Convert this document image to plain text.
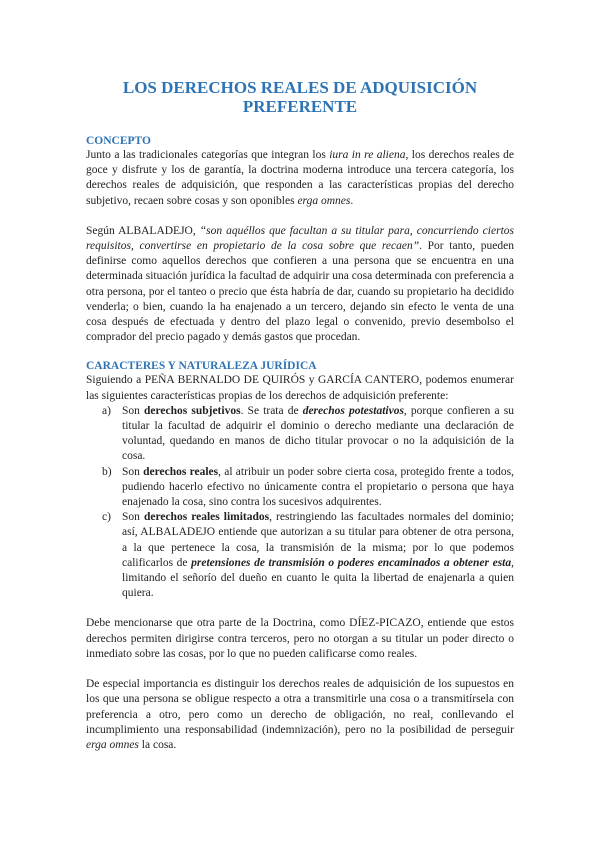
LOS DERECHOS REALES DE ADQUISICIÓN PREFERENTE
CONCEPTO

Junto a las tradicionales categorías que integran los iura in re aliena, los derechos reales de goce y disfrute y los de garantía, la doctrina moderna introduce una tercera categoría, los derechos reales de adquisición, que responden a las características propias del derecho subjetivo, recaen sobre cosas y son oponibles erga omnes.

Según ALBALADEJO, “son aquéllos que facultan a su titular para, concurriendo ciertos requisitos, convertirse en propietario de la cosa sobre que recaen”. Por tanto, pueden definirse como aquellos derechos que confieren a una persona que se encuentra en una determinada situación jurídica la facultad de adquirir una cosa determinada con preferencia a otra persona, por el tanteo o precio que ésta habría de dar, cuando su propietario ha decidido venderla; o bien, cuando la ha enajenado a un tercero, dejando sin efecto le venta de una cosa después de efectuada y dentro del plazo legal o convenido, previo desembolso el comprador del precio pagado y demás gastos que procedan.

CARACTERES Y NATURALEZA JURÍDICA

Siguiendo a PEÑA BERNALDO DE QUIRÓS y GARCÍA CANTERO, podemos enumerar las siguientes características propias de los derechos de adquisición preferente:

a) Son derechos subjetivos. Se trata de derechos potestativos, porque confieren a su titular la facultad de adquirir el dominio o derecho mediante una declaración de voluntad, quedando en manos de dicho titular provocar o no la adquisición de la cosa.
b) Son derechos reales, al atribuir un poder sobre cierta cosa, protegido frente a todos, pudiendo hacerlo efectivo no únicamente contra el propietario o persona que haya enajenado la cosa, sino contra los sucesivos adquirentes.
c) Son derechos reales limitados, restringiendo las facultades normales del dominio; así, ALBALADEJO entiende que autorizan a su titular para obtener de otra persona, a la que pertenece la cosa, la transmisión de la misma; por lo que podemos calificarlos de pretensiones de transmisión o poderes encaminados a obtener esta, limitando el señorío del dueño en cuanto le quita la libertad de enajenarla a quien quiera.

Debe mencionarse que otra parte de la Doctrina, como DÍEZ-PICAZO, entiende que estos derechos permiten dirigirse contra terceros, pero no otorgan a su titular un poder directo o inmediato sobre las cosas, por lo que no pueden calificarse como reales.

De especial importancia es distinguir los derechos reales de adquisición de los supuestos en los que una persona se obligue respecto a otra a transmitirle una cosa o a transmitírsela con preferencia a otro, pero como un derecho de obligación, no real, conllevando el incumplimiento una responsabilidad (indemnización), pero no la posibilidad de perseguir erga omnes la cosa.
